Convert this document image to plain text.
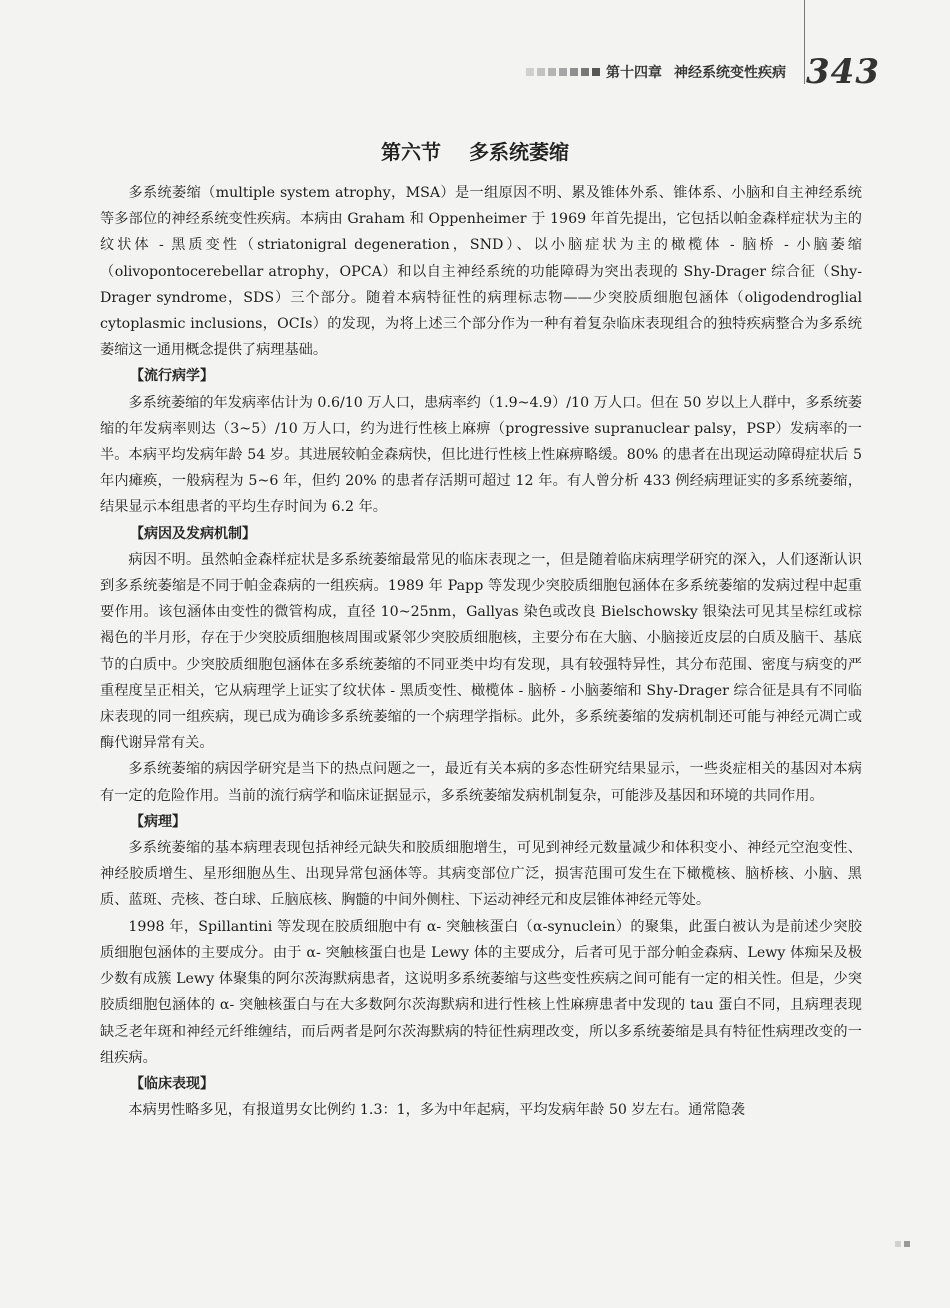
第十四章 神经系统变性疾病 343
第六节 多系统萎缩

多系统萎缩（multiple system atrophy，MSA）是一组原因不明、累及锥体外系、锥体系、小脑和自主神经系统等多部位的神经系统变性疾病。本病由 Graham 和 Oppenheimer 于 1969 年首先提出，它包括以帕金森样症状为主的纹状体 - 黑质变性（striatonigral degeneration，SND）、以小脑症状为主的橄榄体 - 脑桥 - 小脑萎缩（olivopontocerebellar atrophy，OPCA）和以自主神经系统的功能障碍为突出表现的 Shy-Drager 综合征（Shy-Drager syndrome，SDS）三个部分。随着本病特征性的病理标志物——少突胶质细胞包涵体（oligodendroglial cytoplasmic inclusions，OCIs）的发现，为将上述三个部分作为一种有着复杂临床表现组合的独特疾病整合为多系统萎缩这一通用概念提供了病理基础。

【流行病学】

多系统萎缩的年发病率估计为 0.6/10 万人口，患病率约（1.9~4.9）/10 万人口。但在 50 岁以上人群中，多系统萎缩的年发病率则达（3~5）/10 万人口，约为进行性核上麻痹（progressive supranuclear palsy，PSP）发病率的一半。本病平均发病年龄 54 岁。其进展较帕金森病快，但比进行性核上性麻痹略缓。80% 的患者在出现运动障碍症状后 5 年内瘫痪，一般病程为 5~6 年，但约 20% 的患者存活期可超过 12 年。有人曾分析 433 例经病理证实的多系统萎缩，结果显示本组患者的平均生存时间为 6.2 年。

【病因及发病机制】

病因不明。虽然帕金森样症状是多系统萎缩最常见的临床表现之一，但是随着临床病理学研究的深入，人们逐渐认识到多系统萎缩是不同于帕金森病的一组疾病。1989 年 Papp 等发现少突胶质细胞包涵体在多系统萎缩的发病过程中起重要作用。该包涵体由变性的微管构成，直径 10~25nm，Gallyas 染色或改良 Bielschowsky 银染法可见其呈棕红或棕褐色的半月形，存在于少突胶质细胞核周围或紧邻少突胶质细胞核，主要分布在大脑、小脑接近皮层的白质及脑干、基底节的白质中。少突胶质细胞包涵体在多系统萎缩的不同亚类中均有发现，具有较强特异性，其分布范围、密度与病变的严重程度呈正相关，它从病理学上证实了纹状体 - 黑质变性、橄榄体 - 脑桥 - 小脑萎缩和 Shy-Drager 综合征是具有不同临床表现的同一组疾病，现已成为确诊多系统萎缩的一个病理学指标。此外，多系统萎缩的发病机制还可能与神经元凋亡或酶代谢异常有关。

多系统萎缩的病因学研究是当下的热点问题之一，最近有关本病的多态性研究结果显示，一些炎症相关的基因对本病有一定的危险作用。当前的流行病学和临床证据显示，多系统萎缩发病机制复杂，可能涉及基因和环境的共同作用。

【病理】

多系统萎缩的基本病理表现包括神经元缺失和胶质细胞增生，可见到神经元数量减少和体积变小、神经元空泡变性、神经胶质增生、星形细胞丛生、出现异常包涵体等。其病变部位广泛，损害范围可发生在下橄榄核、脑桥核、小脑、黑质、蓝斑、壳核、苍白球、丘脑底核、胸髓的中间外侧柱、下运动神经元和皮层锥体神经元等处。

1998 年，Spillantini 等发现在胶质细胞中有 α- 突触核蛋白（α-synuclein）的聚集，此蛋白被认为是前述少突胶质细胞包涵体的主要成分。由于 α- 突触核蛋白也是 Lewy 体的主要成分，后者可见于部分帕金森病、Lewy 体痴呆及极少数有成簇 Lewy 体聚集的阿尔茨海默病患者，这说明多系统萎缩与这些变性疾病之间可能有一定的相关性。但是，少突胶质细胞包涵体的 α- 突触核蛋白与在大多数阿尔茨海默病和进行性核上性麻痹患者中发现的 tau 蛋白不同，且病理表现缺乏老年斑和神经元纤维缠结，而后两者是阿尔茨海默病的特征性病理改变，所以多系统萎缩是具有特征性病理改变的一组疾病。

【临床表现】

本病男性略多见，有报道男女比例约 1.3：1，多为中年起病，平均发病年龄 50 岁左右。通常隐袭
